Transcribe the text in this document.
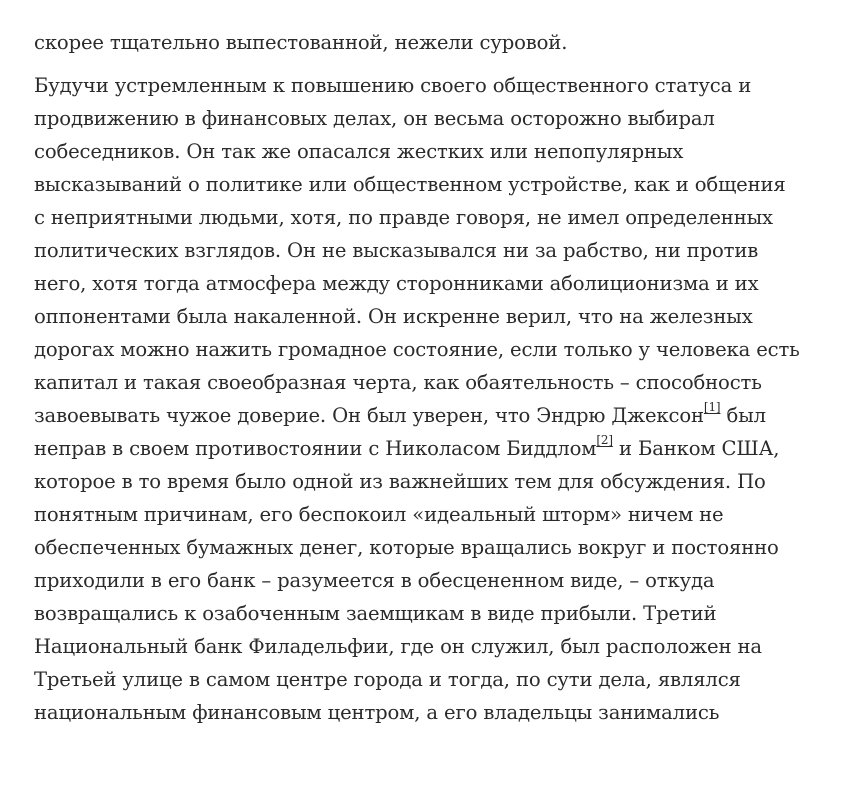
скорее тщательно выпестованной, нежели суровой.
Будучи устремленным к повышению своего общественного статуса и
продвижению в финансовых делах, он весьма осторожно выбирал
собеседников. Он так же опасался жестких или непопулярных
высказываний о политике или общественном устройстве, как и общения
с неприятными людьми, хотя, по правде говоря, не имел определенных
политических взглядов. Он не высказывался ни за рабство, ни против
него, хотя тогда атмосфера между сторонниками аболиционизма и их
оппонентами была накаленной. Он искренне верил, что на железных
дорогах можно нажить громадное состояние, если только у человека есть
капитал и такая своеобразная черта, как обаятельность – способность
завоевывать чужое доверие. Он был уверен, что Эндрю Джексон[1] был
неправ в своем противостоянии с Николасом Биддлом[2] и Банком США,
которое в то время было одной из важнейших тем для обсуждения. По
понятным причинам, его беспокоил «идеальный шторм» ничем не
обеспеченных бумажных денег, которые вращались вокруг и постоянно
приходили в его банк – разумеется в обесцененном виде, – откуда
возвращались к озабоченным заемщикам в виде прибыли. Третий
Национальный банк Филадельфии, где он служил, был расположен на
Третьей улице в самом центре города и тогда, по сути дела, являлся
национальным финансовым центром, а его владельцы занимались
